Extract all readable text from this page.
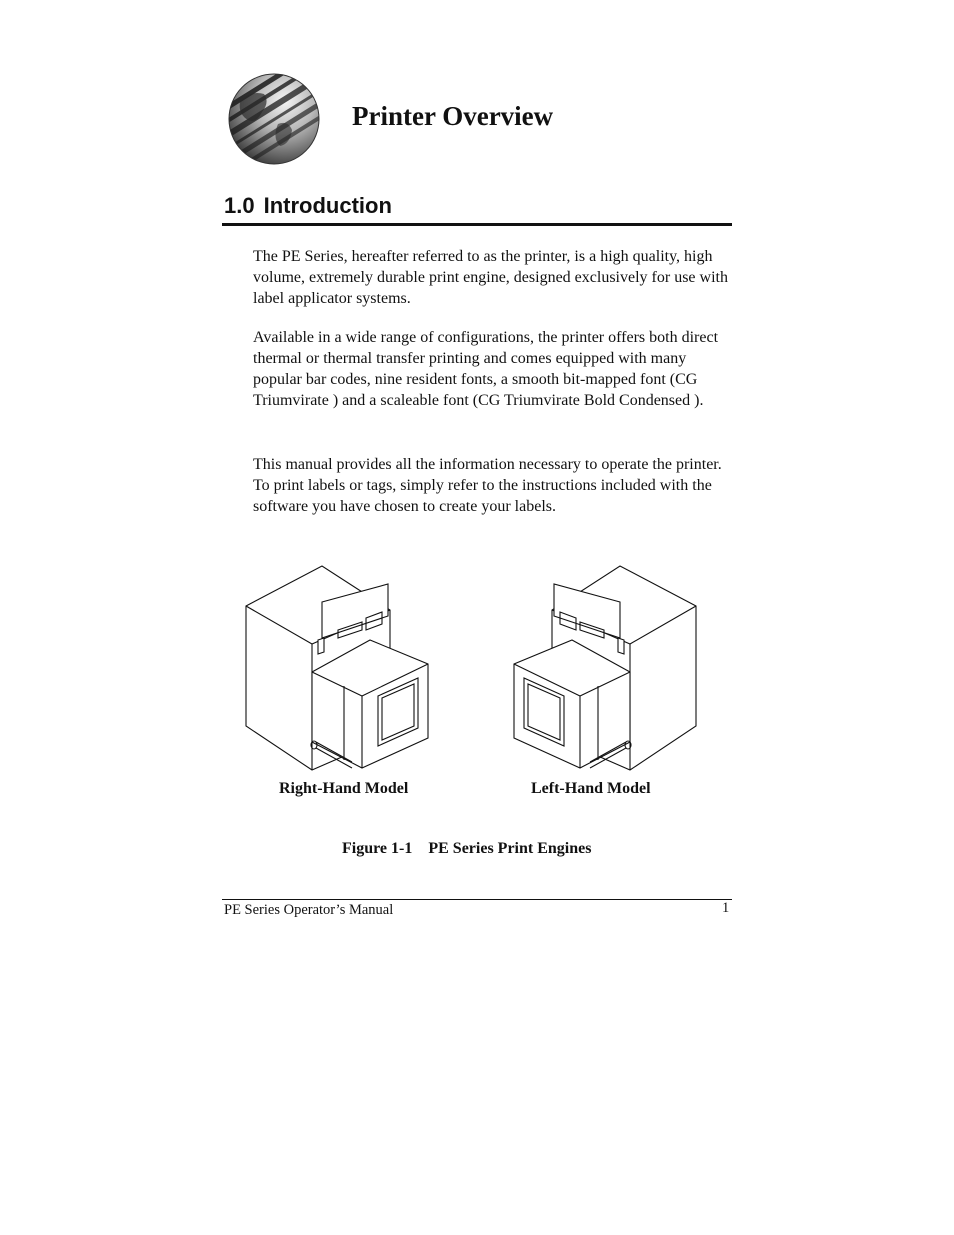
Printer Overview
1.0 Introduction

The PE Series, hereafter referred to as the printer, is a high quality, high volume, extremely durable print engine, designed exclusively for use with label applicator systems.

Available in a wide range of configurations, the printer offers both direct thermal or thermal transfer printing and comes equipped with many popular bar codes, nine resident fonts, a smooth bit-mapped font (CG Triumvirate ) and a scaleable font (CG Triumvirate Bold Condensed ).

This manual provides all the information necessary to operate the printer. To print labels or tags, simply refer to the instructions included with the software you have chosen to create your labels.

Right-Hand Model	Left-Hand Model

Figure 1-1 PE Series Print Engines

PE Series Operator’s Manual	1
